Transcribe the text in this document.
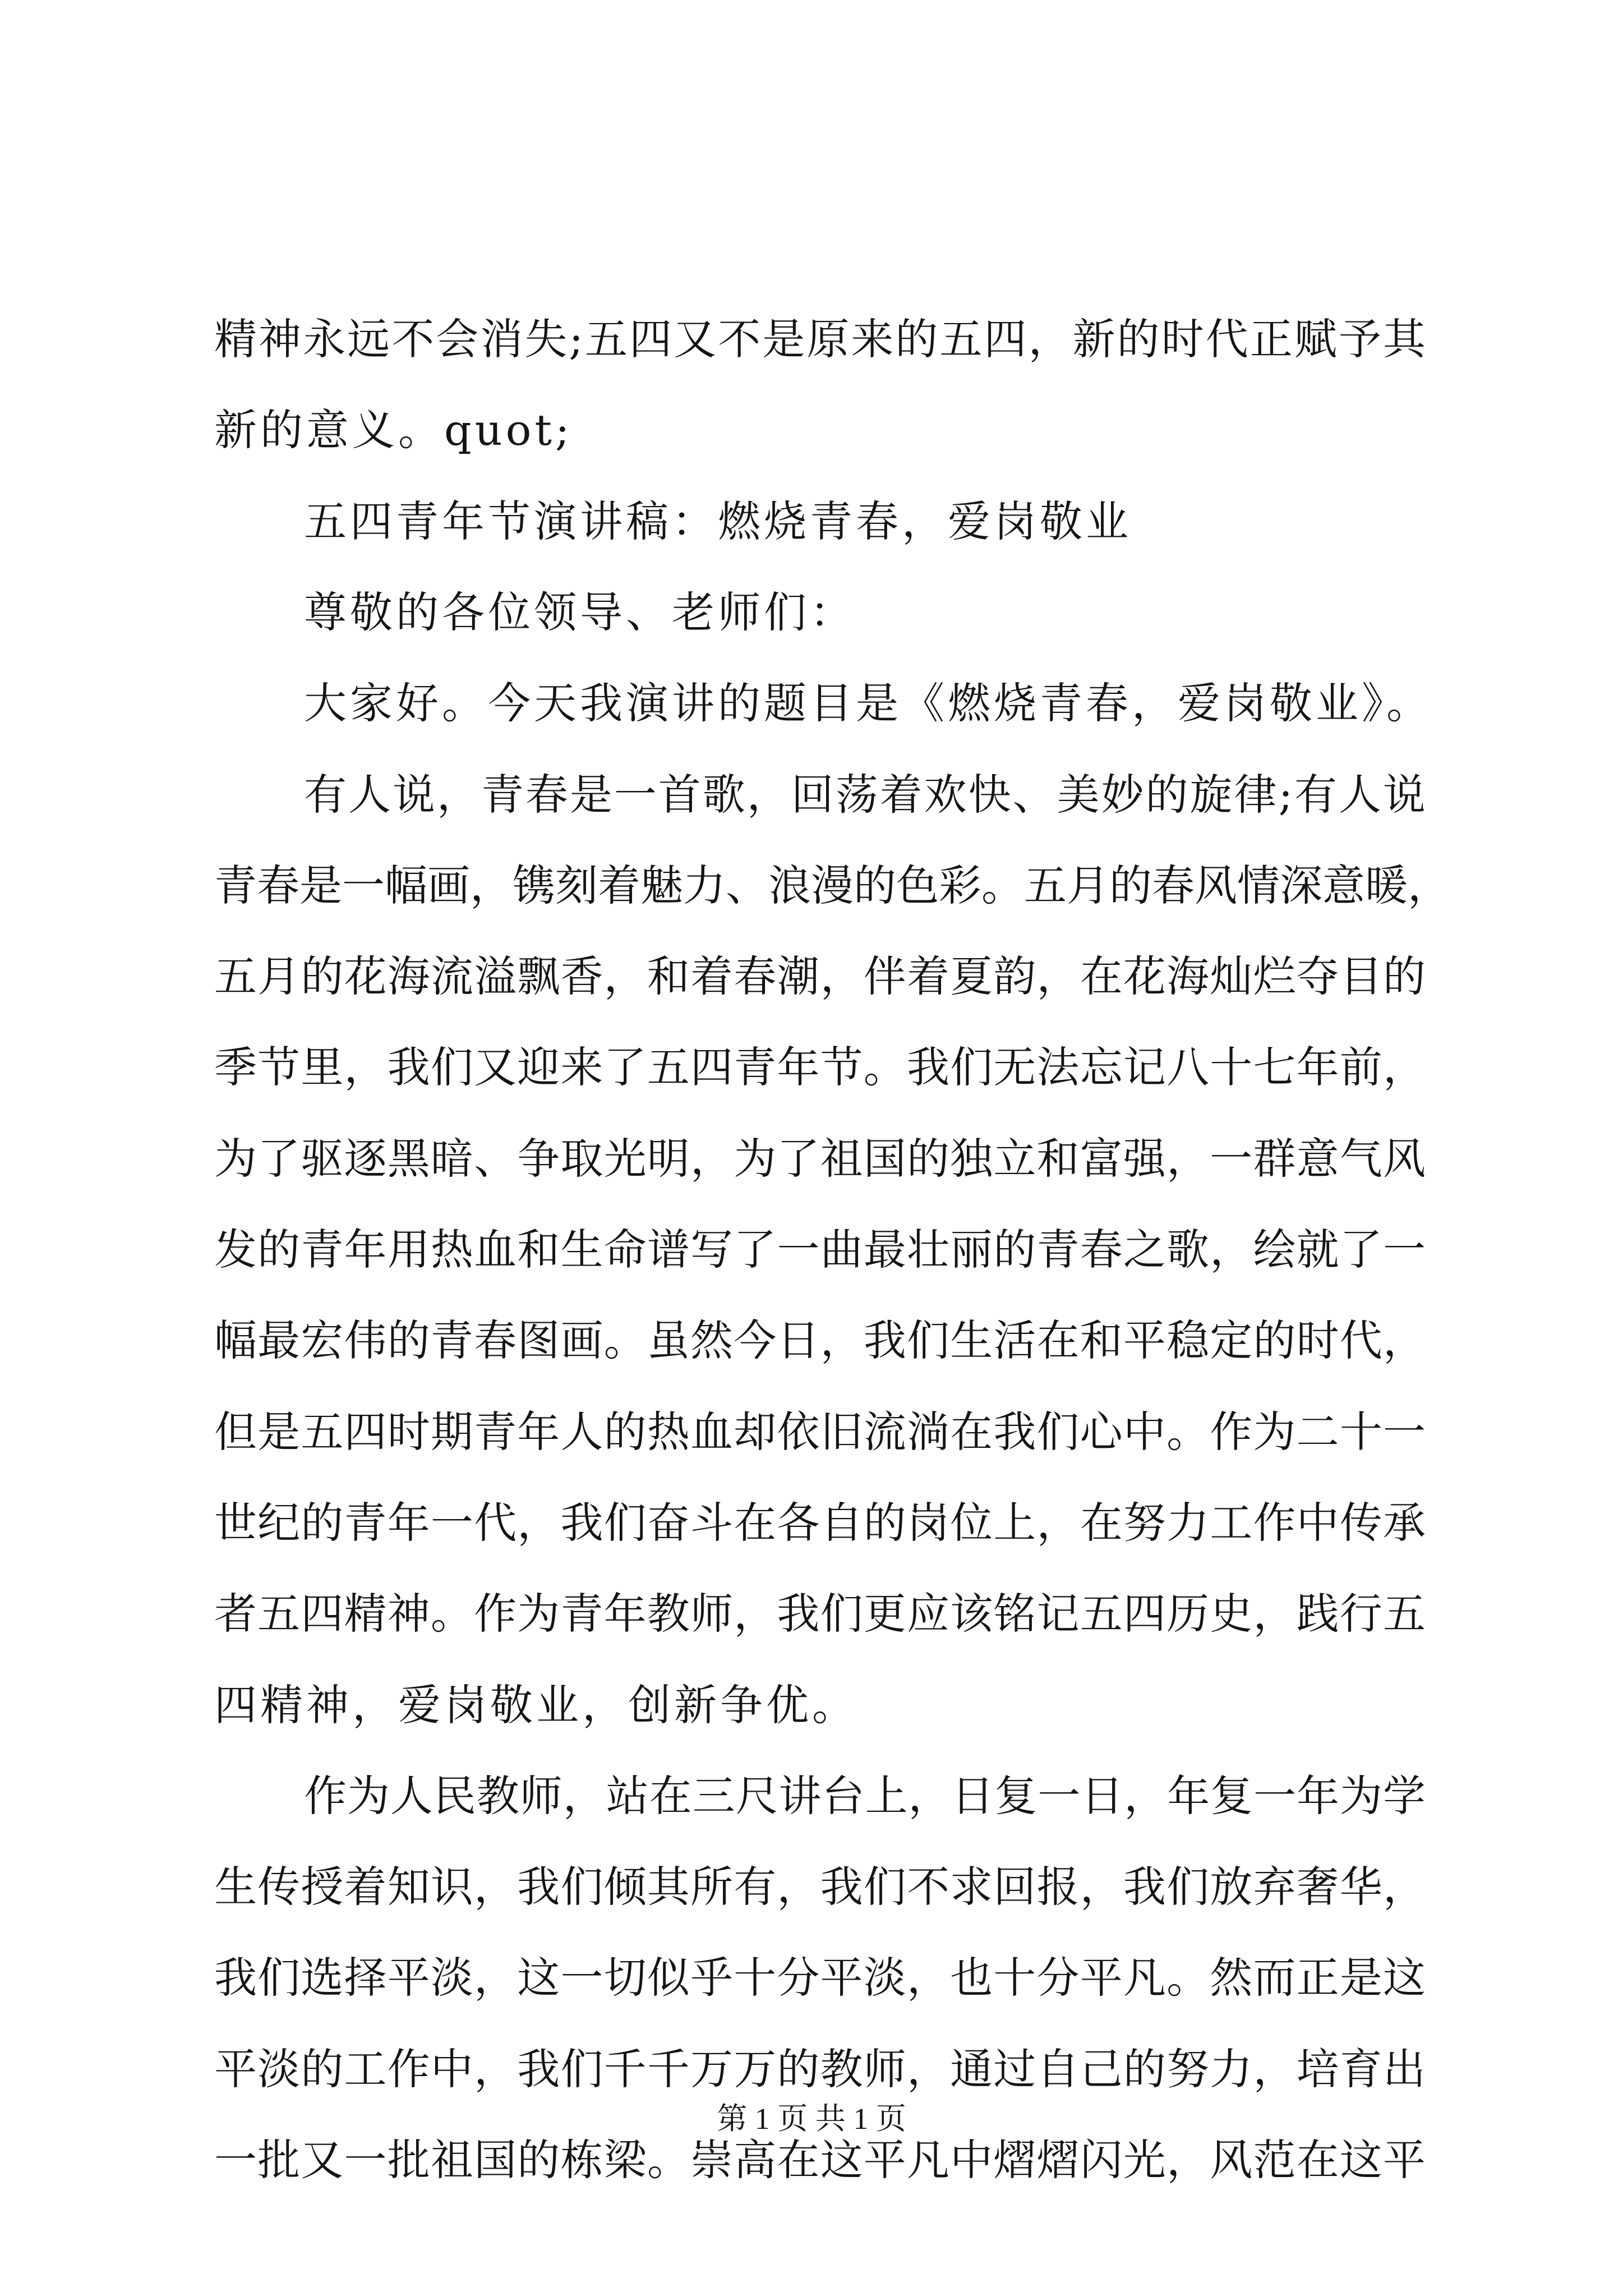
精神永远不会消失;五四又不是原来的五四，新的时代正赋予其
新的意义。quot;
五四青年节演讲稿：燃烧青春，爱岗敬业
尊敬的各位领导、老师们：
大家好。今天我演讲的题目是《燃烧青春，爱岗敬业》。
有人说，青春是一首歌，回荡着欢快、美妙的旋律;有人说
青春是一幅画，镌刻着魅力、浪漫的色彩。五月的春风情深意暖，
五月的花海流溢飘香，和着春潮，伴着夏韵，在花海灿烂夺目的
季节里，我们又迎来了五四青年节。我们无法忘记八十七年前，
为了驱逐黑暗、争取光明，为了祖国的独立和富强，一群意气风
发的青年用热血和生命谱写了一曲最壮丽的青春之歌，绘就了一
幅最宏伟的青春图画。虽然今日，我们生活在和平稳定的时代，
但是五四时期青年人的热血却依旧流淌在我们心中。作为二十一
世纪的青年一代，我们奋斗在各自的岗位上，在努力工作中传承
者五四精神。作为青年教师，我们更应该铭记五四历史，践行五
四精神，爱岗敬业，创新争优。
作为人民教师，站在三尺讲台上，日复一日，年复一年为学
生传授着知识，我们倾其所有，我们不求回报，我们放弃奢华，
我们选择平淡，这一切似乎十分平淡，也十分平凡。然而正是这
平淡的工作中，我们千千万万的教师，通过自己的努力，培育出
一批又一批祖国的栋梁。崇高在这平凡中熠熠闪光，风范在这平
第 1 页 共 1 页
